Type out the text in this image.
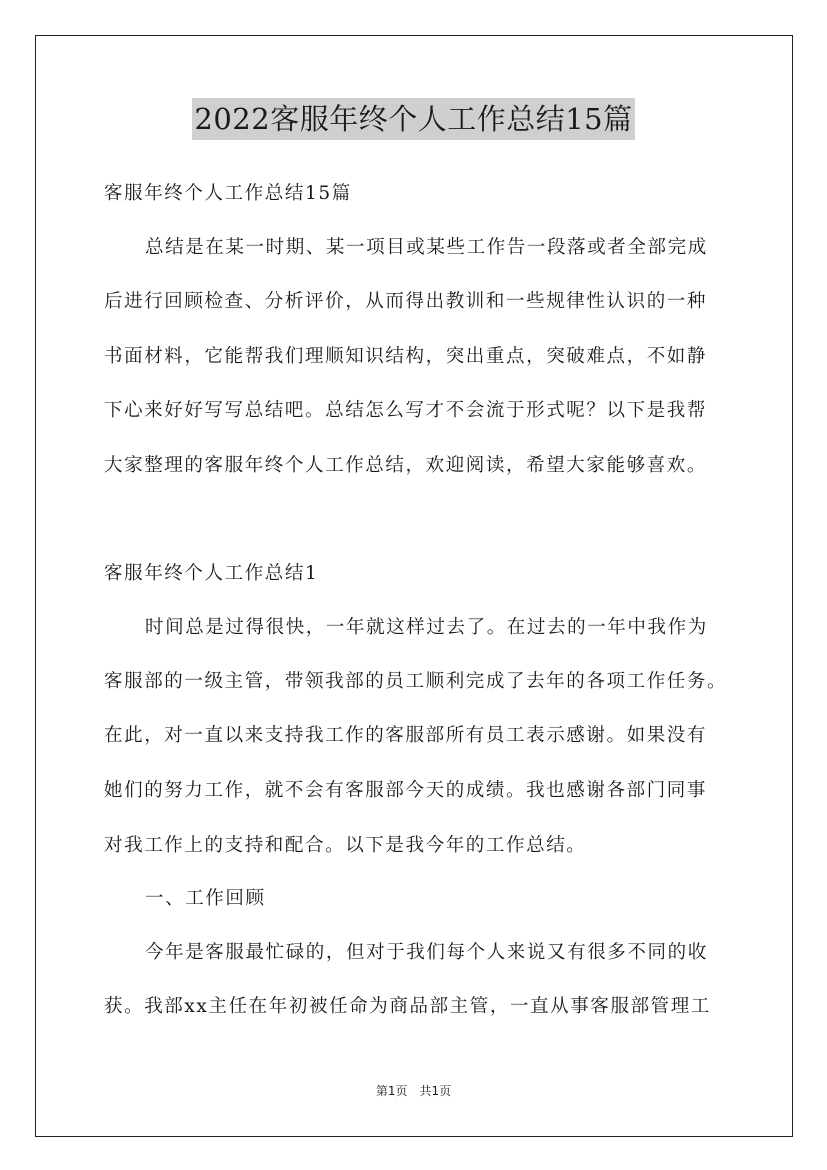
2022客服年终个人工作总结15篇
客服年终个人工作总结15篇
总结是在某一时期、某一项目或某些工作告一段落或者全部完成
后进行回顾检查、分析评价，从而得出教训和一些规律性认识的一种
书面材料，它能帮我们理顺知识结构，突出重点，突破难点，不如静
下心来好好写写总结吧。总结怎么写才不会流于形式呢？以下是我帮
大家整理的客服年终个人工作总结，欢迎阅读，希望大家能够喜欢。
客服年终个人工作总结1
时间总是过得很快，一年就这样过去了。在过去的一年中我作为
客服部的一级主管，带领我部的员工顺利完成了去年的各项工作任务。
在此，对一直以来支持我工作的客服部所有员工表示感谢。如果没有
她们的努力工作，就不会有客服部今天的成绩。我也感谢各部门同事
对我工作上的支持和配合。以下是我今年的工作总结。
一、工作回顾
今年是客服最忙碌的，但对于我们每个人来说又有很多不同的收
获。我部xx主任在年初被任命为商品部主管，一直从事客服部管理工
第1页 共1页
